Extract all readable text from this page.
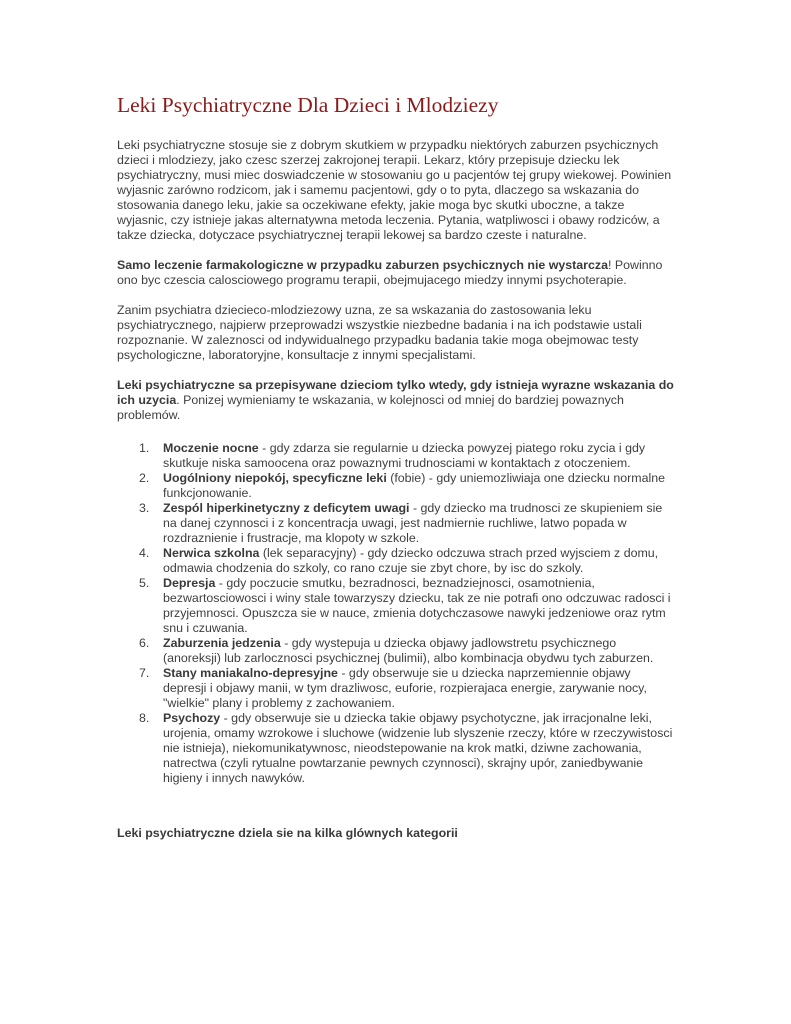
Leki Psychiatryczne Dla Dzieci i Mlodziezy

Leki psychiatryczne stosuje sie z dobrym skutkiem w przypadku niektórych zaburzen psychicznych dzieci i mlodziezy, jako czesc szerzej zakrojonej terapii. Lekarz, który przepisuje dziecku lek psychiatryczny, musi miec doswiadczenie w stosowaniu go u pacjentów tej grupy wiekowej. Powinien wyjasnic zarówno rodzicom, jak i samemu pacjentowi, gdy o to pyta, dlaczego sa wskazania do stosowania danego leku, jakie sa oczekiwane efekty, jakie moga byc skutki uboczne, a takze wyjasnic, czy istnieje jakas alternatywna metoda leczenia. Pytania, watpliwosci i obawy rodziców, a takze dziecka, dotyczace psychiatrycznej terapii lekowej sa bardzo czeste i naturalne.

Samo leczenie farmakologiczne w przypadku zaburzen psychicznych nie wystarcza! Powinno ono byc czescia calosciowego programu terapii, obejmujacego miedzy innymi psychoterapie.

Zanim psychiatra dziecieco-mlodziezowy uzna, ze sa wskazania do zastosowania leku psychiatrycznego, najpierw przeprowadzi wszystkie niezbedne badania i na ich podstawie ustali rozpoznanie. W zaleznosci od indywidualnego przypadku badania takie moga obejmowac testy psychologiczne, laboratoryjne, konsultacje z innymi specjalistami.

Leki psychiatryczne sa przepisywane dzieciom tylko wtedy, gdy istnieja wyrazne wskazania do ich uzycia. Ponizej wymieniamy te wskazania, w kolejnosci od mniej do bardziej powaznych problemów.

1. Moczenie nocne - gdy zdarza sie regularnie u dziecka powyzej piatego roku zycia i gdy skutkuje niska samoocena oraz powaznymi trudnosciami w kontaktach z otoczeniem.
2. Uogólniony niepokój, specyficzne leki (fobie) - gdy uniemozliwiaja one dziecku normalne funkcjonowanie.
3. Zespól hiperkinetyczny z deficytem uwagi - gdy dziecko ma trudnosci ze skupieniem sie na danej czynnosci i z koncentracja uwagi, jest nadmiernie ruchliwe, latwo popada w rozdraznienie i frustracje, ma klopoty w szkole.
4. Nerwica szkolna (lek separacyjny) - gdy dziecko odczuwa strach przed wyjsciem z domu, odmawia chodzenia do szkoly, co rano czuje sie zbyt chore, by isc do szkoly.
5. Depresja - gdy poczucie smutku, bezradnosci, beznadziejnosci, osamotnienia, bezwartosciowosci i winy stale towarzyszy dziecku, tak ze nie potrafi ono odczuwac radosci i przyjemnosci. Opuszcza sie w nauce, zmienia dotychczasowe nawyki jedzeniowe oraz rytm snu i czuwania.
6. Zaburzenia jedzenia - gdy wystepuja u dziecka objawy jadlowstretu psychicznego (anoreksji) lub zarlocznosci psychicznej (bulimii), albo kombinacja obydwu tych zaburzen.
7. Stany maniakalno-depresyjne - gdy obserwuje sie u dziecka naprzemiennie objawy depresji i objawy manii, w tym drazliwosc, euforie, rozpierajaca energie, zarywanie nocy, "wielkie" plany i problemy z zachowaniem.
8. Psychozy - gdy obserwuje sie u dziecka takie objawy psychotyczne, jak irracjonalne leki, urojenia, omamy wzrokowe i sluchowe (widzenie lub slyszenie rzeczy, które w rzeczywistosci nie istnieja), niekomunikatywnosc, nieodstepowanie na krok matki, dziwne zachowania, natrectwa (czyli rytualne powtarzanie pewnych czynnosci), skrajny upór, zaniedbywanie higieny i innych nawyków.
Leki psychiatryczne dziela sie na kilka glównych kategorii
